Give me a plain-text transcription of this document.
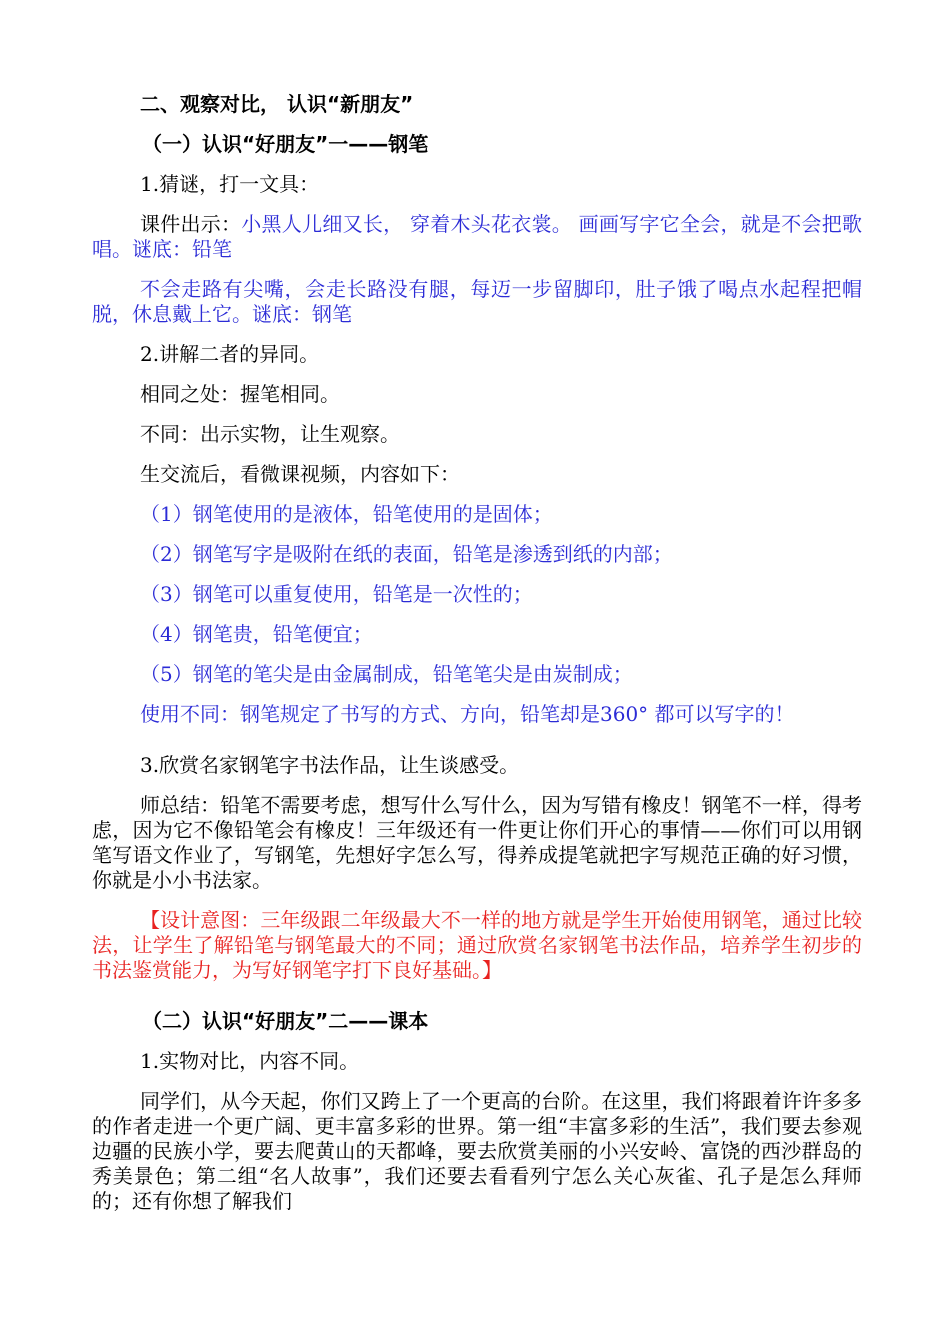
二、观察对比， 认识“新朋友”

（一）认识“好朋友”一——钢笔

1.猜谜，打一文具：

课件出示：小黑人儿细又长， 穿着木头花衣裳。 画画写字它全会，就是不会把歌唱。谜底：铅笔

不会走路有尖嘴，会走长路没有腿，每迈一步留脚印，肚子饿了喝点水起程把帽脱，休息戴上它。谜底：钢笔

2.讲解二者的异同。

相同之处：握笔相同。

不同：出示实物，让生观察。

生交流后，看微课视频，内容如下：

（1）钢笔使用的是液体，铅笔使用的是固体；

（2）钢笔写字是吸附在纸的表面，铅笔是渗透到纸的内部；

（3）钢笔可以重复使用，铅笔是一次性的；

（4）钢笔贵，铅笔便宜；

（5）钢笔的笔尖是由金属制成，铅笔笔尖是由炭制成；

使用不同：钢笔规定了书写的方式、方向，铅笔却是360° 都可以写字的！

3.欣赏名家钢笔字书法作品，让生谈感受。

师总结：铅笔不需要考虑，想写什么写什么，因为写错有橡皮！钢笔不一样，得考虑，因为它不像铅笔会有橡皮！三年级还有一件更让你们开心的事情——你们可以用钢笔写语文作业了，写钢笔，先想好字怎么写，得养成提笔就把字写规范正确的好习惯，你就是小小书法家。

【设计意图：三年级跟二年级最大不一样的地方就是学生开始使用钢笔，通过比较法，让学生了解铅笔与钢笔最大的不同；通过欣赏名家钢笔书法作品，培养学生初步的书法鉴赏能力，为写好钢笔字打下良好基础。】

（二）认识“好朋友”二——课本

1.实物对比，内容不同。

同学们，从今天起，你们又跨上了一个更高的台阶。在这里，我们将跟着许许多多的作者走进一个更广阔、更丰富多彩的世界。第一组“丰富多彩的生活”，我们要去参观边疆的民族小学，要去爬黄山的天都峰，要去欣赏美丽的小兴安岭、富饶的西沙群岛的秀美景色；第二组“名人故事”，我们还要去看看列宁怎么关心灰雀、孔子是怎么拜师的；还有你想了解我们
